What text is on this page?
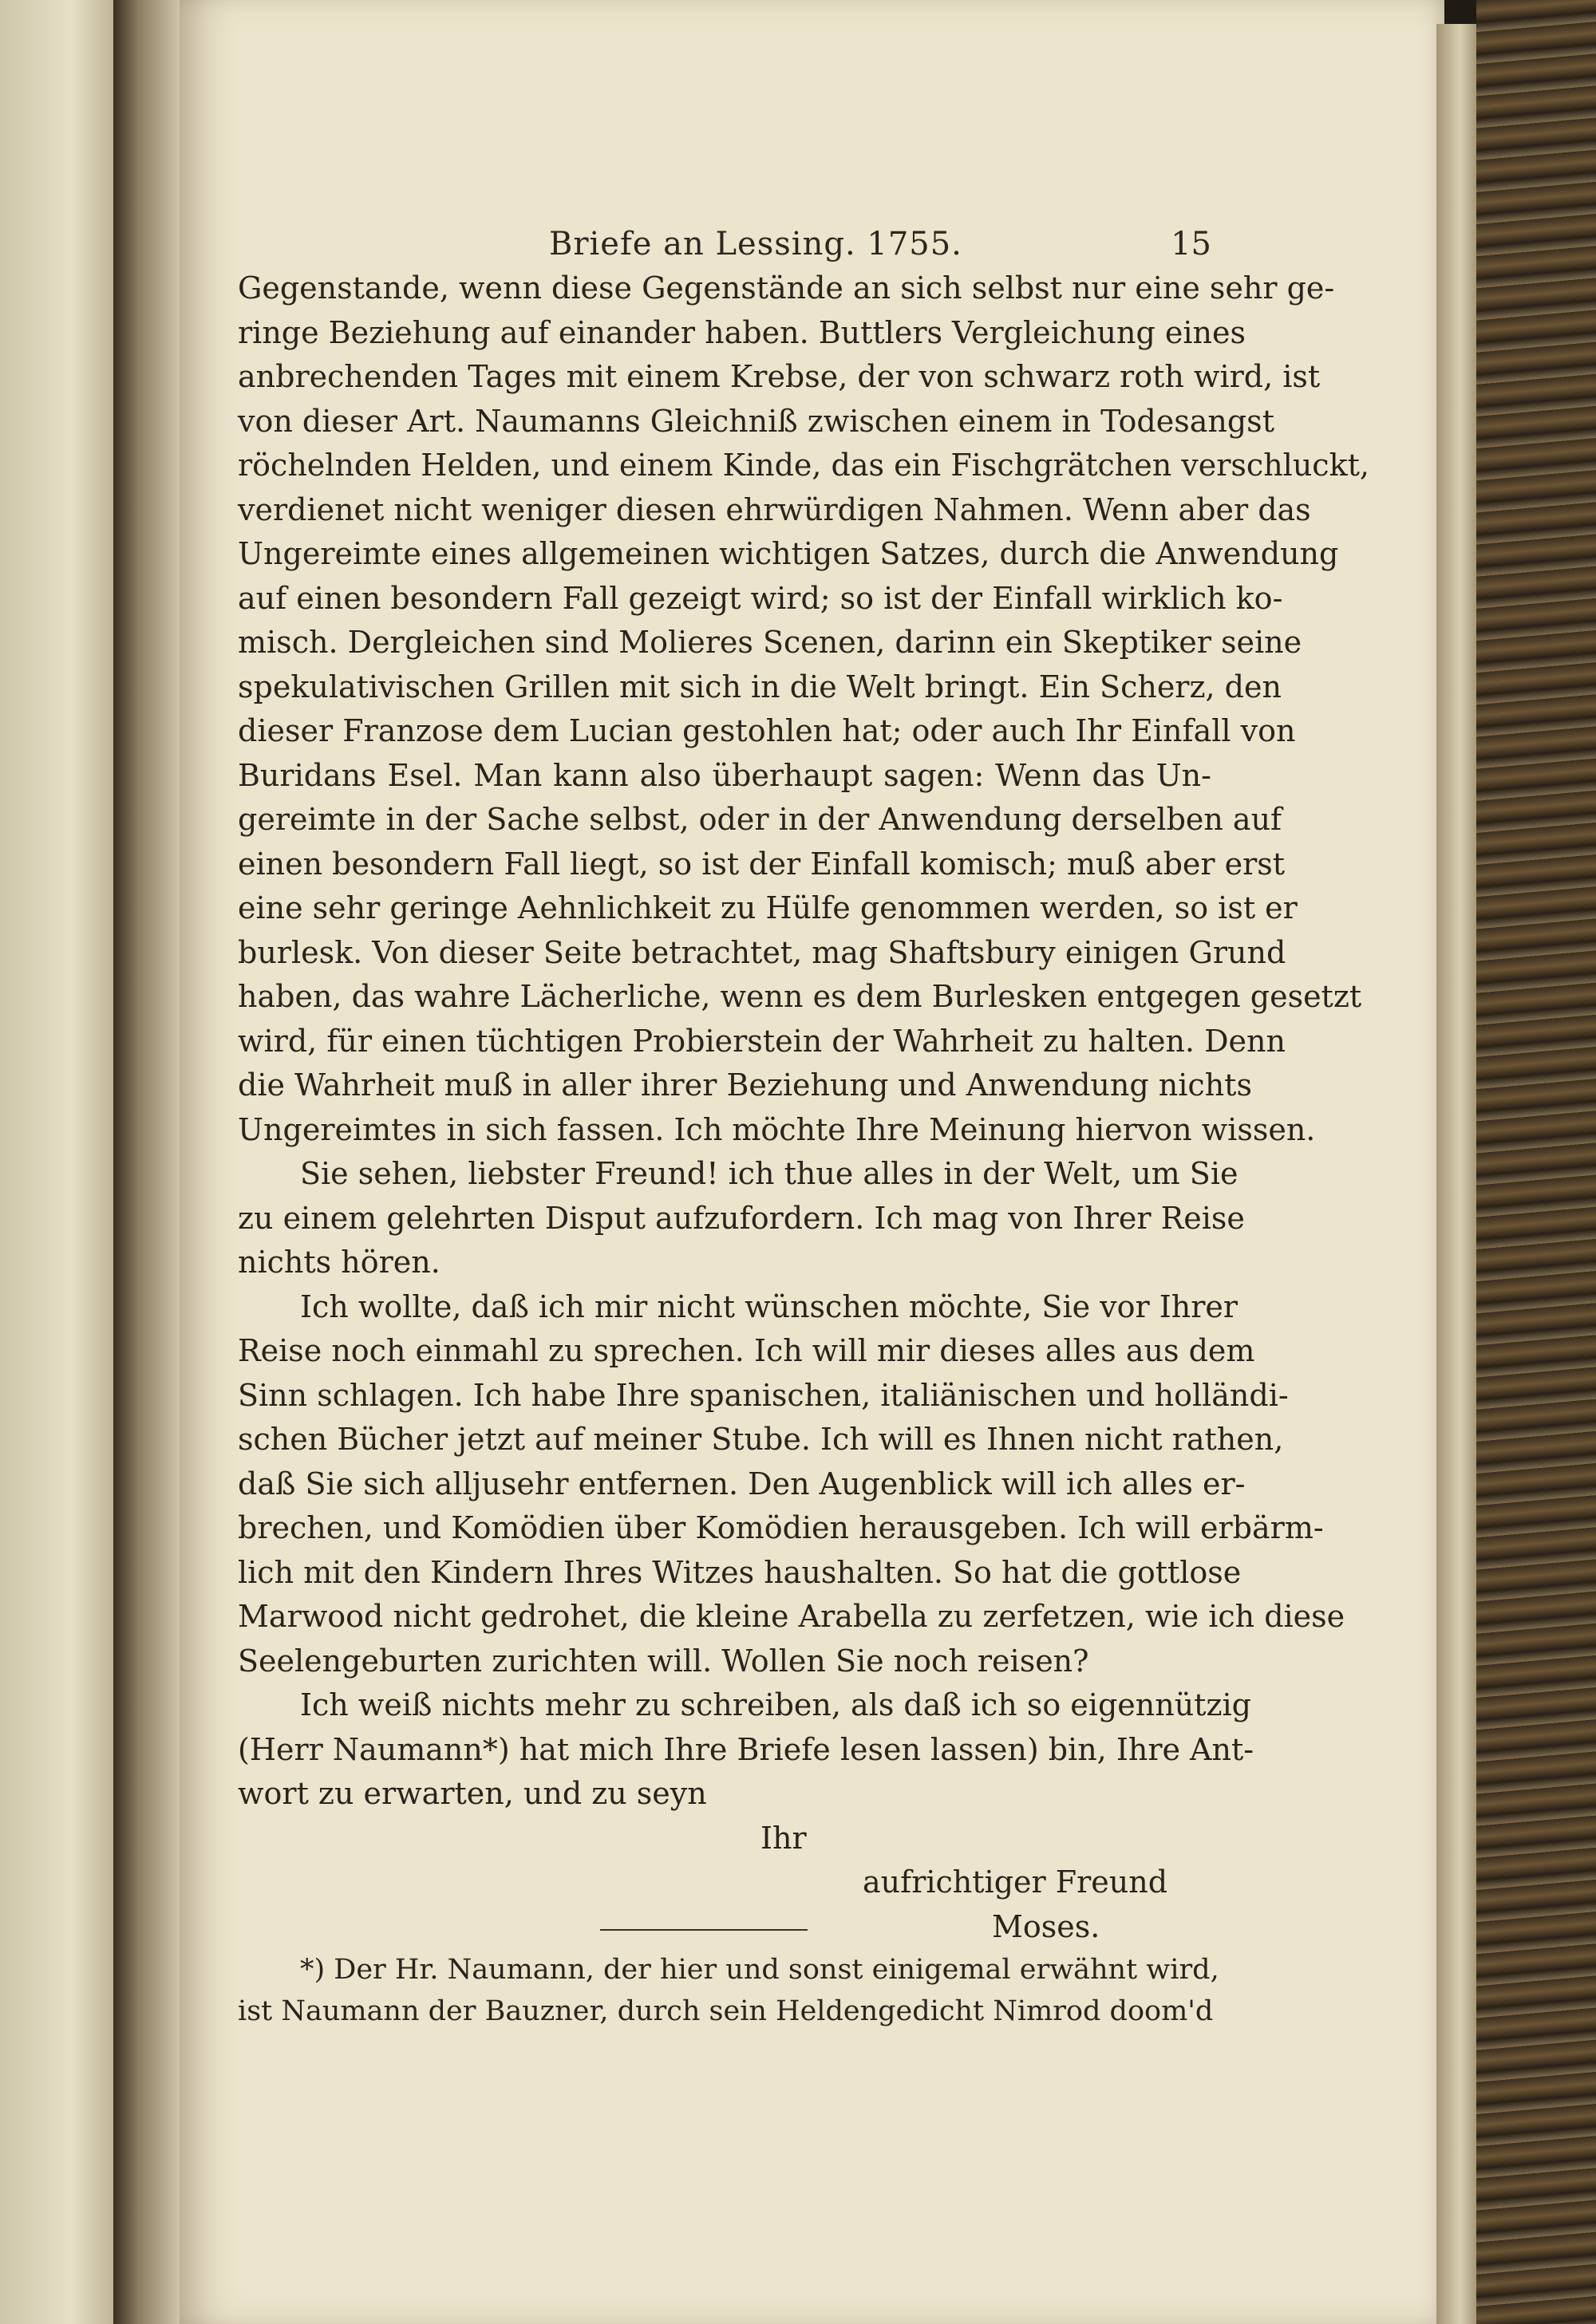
Briefe an Lessing. 1755.	15
Gegenstande, wenn diese Gegenstände an sich selbst nur eine sehr ge-
ringe Beziehung auf einander haben. Buttlers Vergleichung eines
anbrechenden Tages mit einem Krebse, der von schwarz roth wird, ist
von dieser Art. Naumanns Gleichniß zwischen einem in Todesangst
röchelnden Helden, und einem Kinde, das ein Fischgrätchen verschluckt,
verdienet nicht weniger diesen ehrwürdigen Nahmen. Wenn aber das
Ungereimte eines allgemeinen wichtigen Satzes, durch die Anwendung
auf einen besondern Fall gezeigt wird; so ist der Einfall wirklich ko-
misch. Dergleichen sind Molieres Scenen, darinn ein Skeptiker seine
spekulativischen Grillen mit sich in die Welt bringt. Ein Scherz, den
dieser Franzose dem Lucian gestohlen hat; oder auch Ihr Einfall von
Buridans Esel. Man kann also überhaupt sagen: Wenn das Un-
gereimte in der Sache selbst, oder in der Anwendung derselben auf
einen besondern Fall liegt, so ist der Einfall komisch; muß aber erst
eine sehr geringe Aehnlichkeit zu Hülfe genommen werden, so ist er
burlesk. Von dieser Seite betrachtet, mag Shaftsbury einigen Grund
haben, das wahre Lächerliche, wenn es dem Burlesken entgegen gesetzt
wird, für einen tüchtigen Probierstein der Wahrheit zu halten. Denn
die Wahrheit muß in aller ihrer Beziehung und Anwendung nichts
Ungereimtes in sich fassen. Ich möchte Ihre Meinung hiervon wissen.
Sie sehen, liebster Freund! ich thue alles in der Welt, um Sie
zu einem gelehrten Disput aufzufordern. Ich mag von Ihrer Reise
nichts hören.
Ich wollte, daß ich mir nicht wünschen möchte, Sie vor Ihrer
Reise noch einmahl zu sprechen. Ich will mir dieses alles aus dem
Sinn schlagen. Ich habe Ihre spanischen, italiänischen und holländi-
schen Bücher jetzt auf meiner Stube. Ich will es Ihnen nicht rathen,
daß Sie sich alljusehr entfernen. Den Augenblick will ich alles er-
brechen, und Komödien über Komödien herausgeben. Ich will erbärm-
lich mit den Kindern Ihres Witzes haushalten. So hat die gottlose
Marwood nicht gedrohet, die kleine Arabella zu zerfetzen, wie ich diese
Seelengeburten zurichten will. Wollen Sie noch reisen?
Ich weiß nichts mehr zu schreiben, als daß ich so eigennützig
(Herr Naumann*) hat mich Ihre Briefe lesen lassen) bin, Ihre Ant-
wort zu erwarten, und zu seyn
Ihr
aufrichtiger Freund
Moses.
*) Der Hr. Naumann, der hier und sonst einigemal erwähnt wird,
ist Naumann der Bauzner, durch sein Heldengedicht Nimrod doom'd
